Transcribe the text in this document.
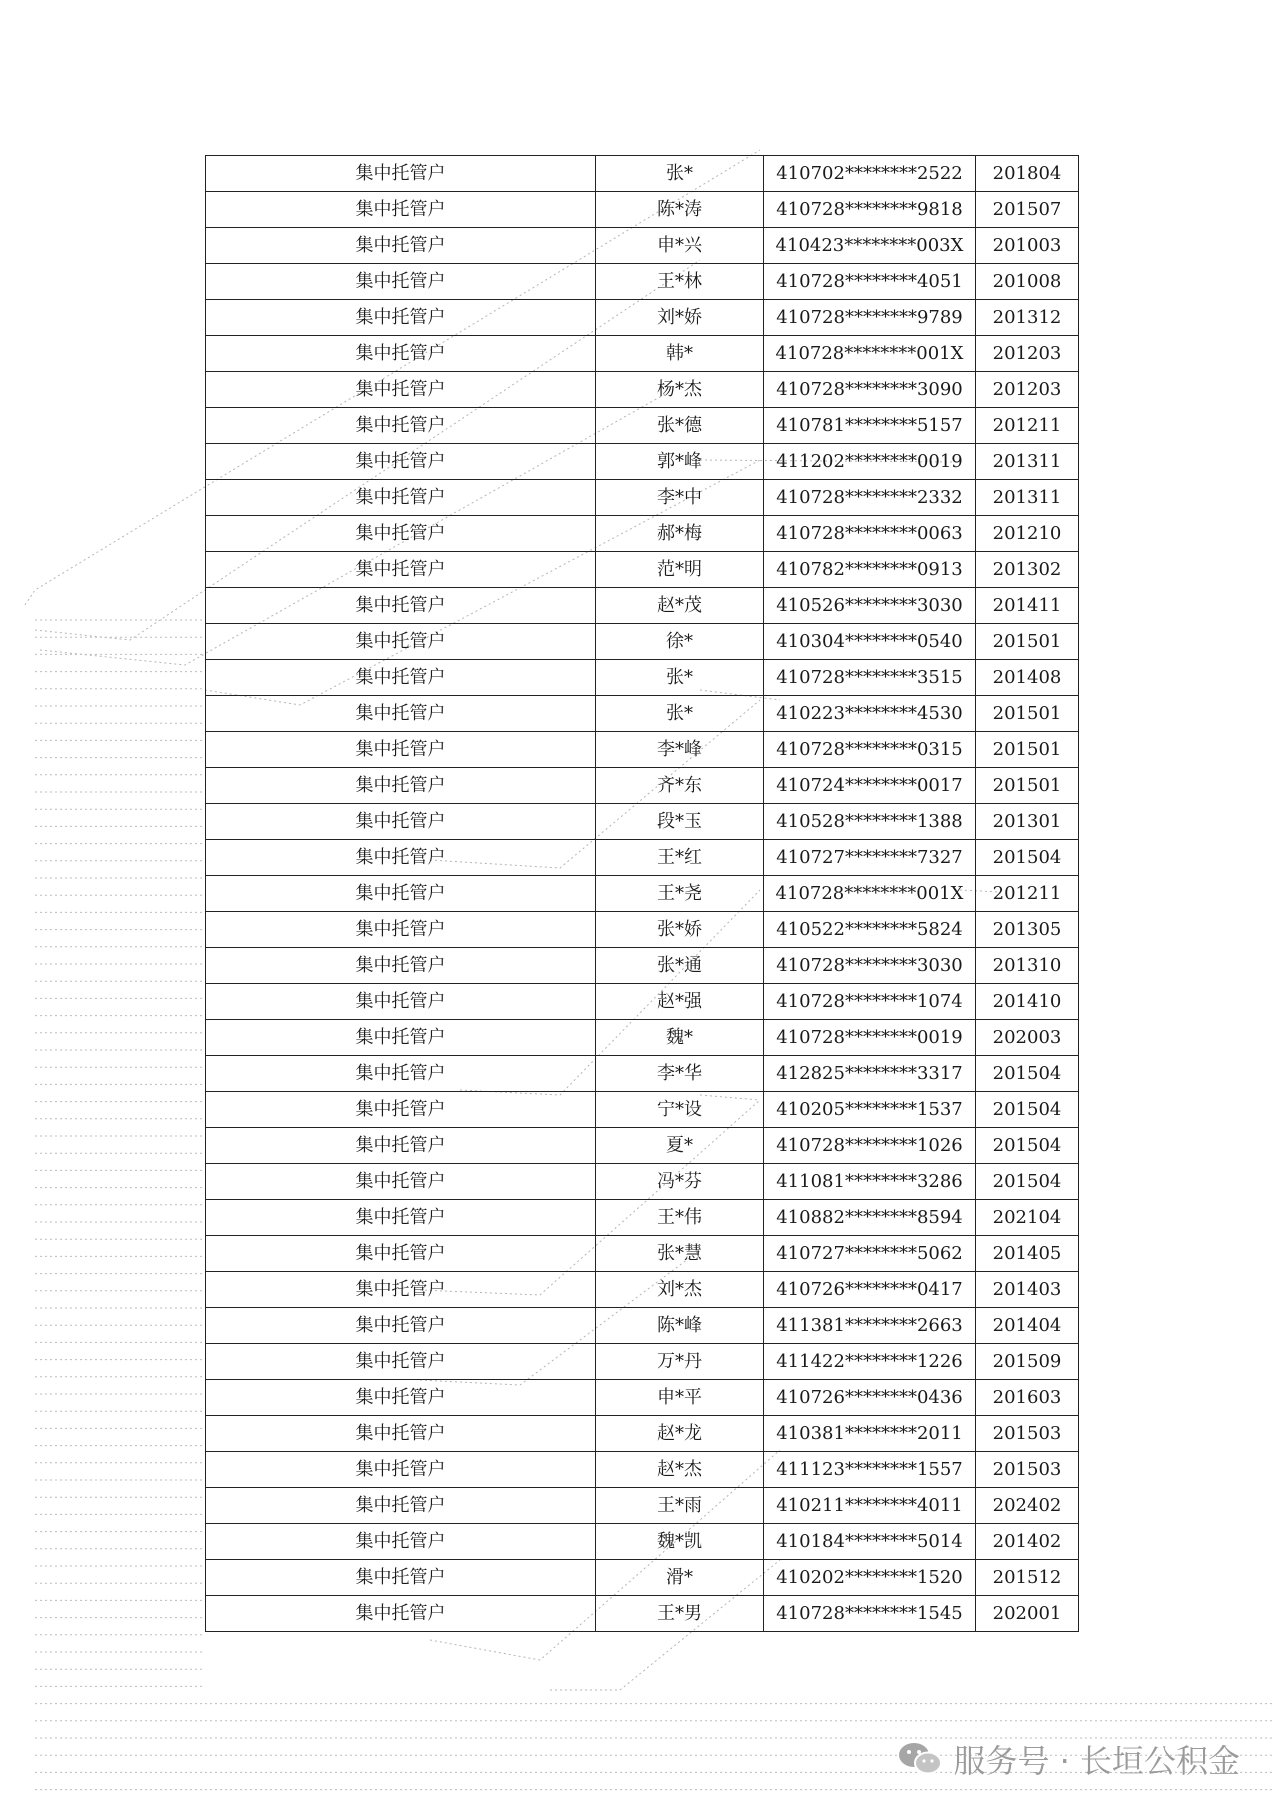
集中托管户	张*	410702********2522	201804
集中托管户	陈*涛	410728********9818	201507
集中托管户	申*兴	410423********003X	201003
集中托管户	王*林	410728********4051	201008
集中托管户	刘*娇	410728********9789	201312
集中托管户	韩*	410728********001X	201203
集中托管户	杨*杰	410728********3090	201203
集中托管户	张*德	410781********5157	201211
集中托管户	郭*峰	411202********0019	201311
集中托管户	李*中	410728********2332	201311
集中托管户	郝*梅	410728********0063	201210
集中托管户	范*明	410782********0913	201302
集中托管户	赵*茂	410526********3030	201411
集中托管户	徐*	410304********0540	201501
集中托管户	张*	410728********3515	201408
集中托管户	张*	410223********4530	201501
集中托管户	李*峰	410728********0315	201501
集中托管户	齐*东	410724********0017	201501
集中托管户	段*玉	410528********1388	201301
集中托管户	王*红	410727********7327	201504
集中托管户	王*尧	410728********001X	201211
集中托管户	张*娇	410522********5824	201305
集中托管户	张*通	410728********3030	201310
集中托管户	赵*强	410728********1074	201410
集中托管户	魏*	410728********0019	202003
集中托管户	李*华	412825********3317	201504
集中托管户	宁*设	410205********1537	201504
集中托管户	夏*	410728********1026	201504
集中托管户	冯*芬	411081********3286	201504
集中托管户	王*伟	410882********8594	202104
集中托管户	张*慧	410727********5062	201405
集中托管户	刘*杰	410726********0417	201403
集中托管户	陈*峰	411381********2663	201404
集中托管户	万*丹	411422********1226	201509
集中托管户	申*平	410726********0436	201603
集中托管户	赵*龙	410381********2011	201503
集中托管户	赵*杰	411123********1557	201503
集中托管户	王*雨	410211********4011	202402
集中托管户	魏*凯	410184********5014	201402
集中托管户	滑*	410202********1520	201512
集中托管户	王*男	410728********1545	202001
服务号 · 长垣公积金
